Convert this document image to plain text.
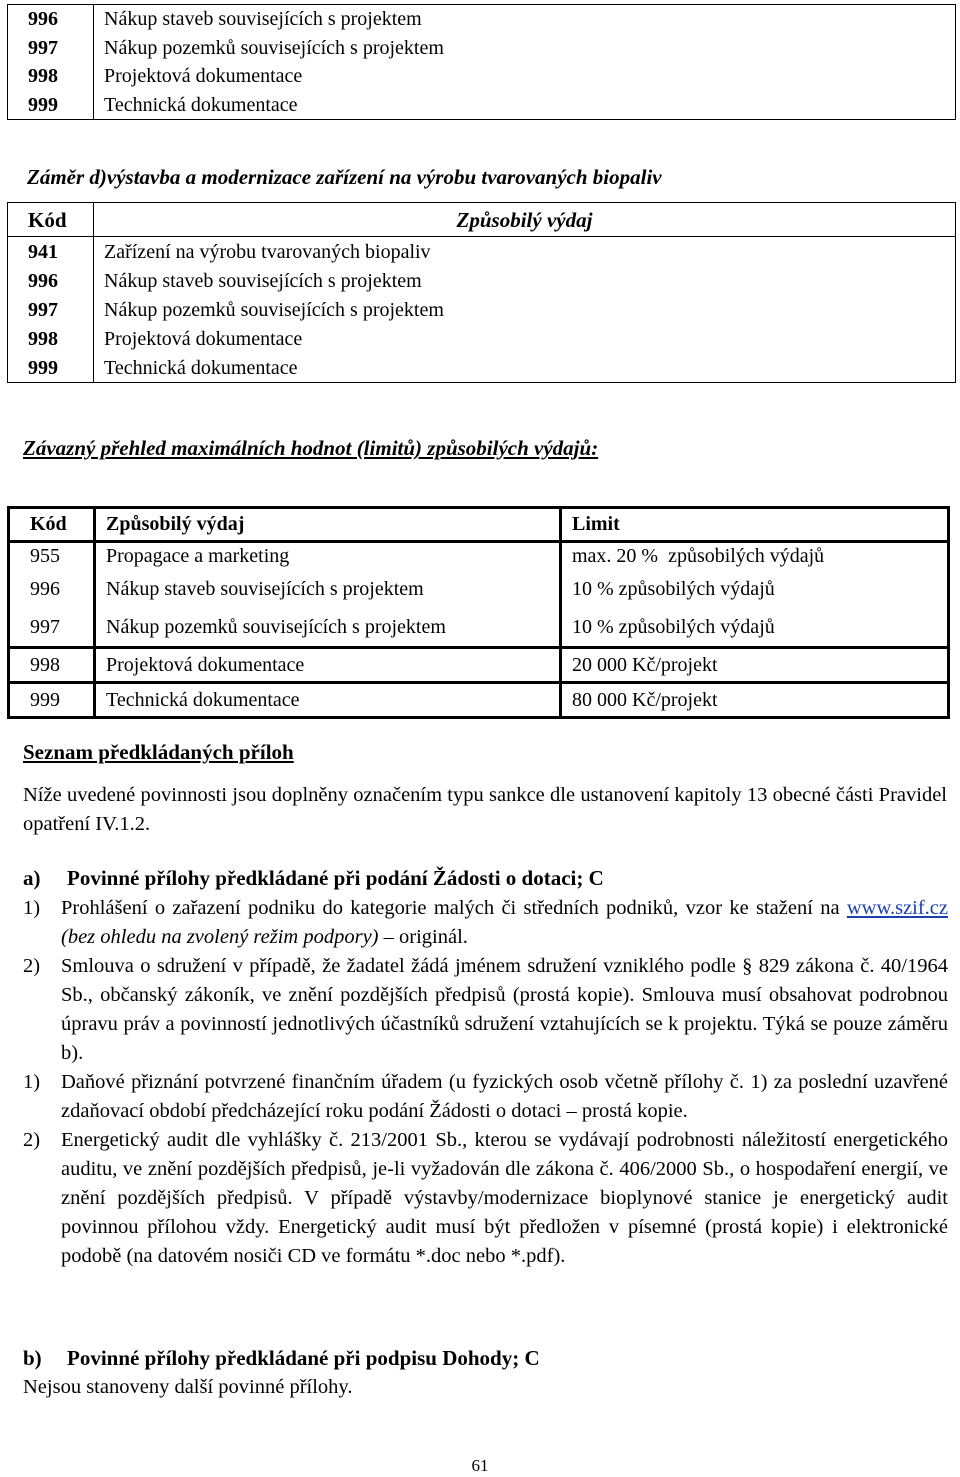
996	Nákup staveb souvisejících s projektem
997	Nákup pozemků souvisejících s projektem
998	Projektová dokumentace
999	Technická dokumentace
Záměr d)výstavba a modernizace zařízení na výrobu tvarovaných biopaliv
Kód	Způsobilý výdaj
941	Zařízení na výrobu tvarovaných biopaliv
996	Nákup staveb souvisejících s projektem
997	Nákup pozemků souvisejících s projektem
998	Projektová dokumentace
999	Technická dokumentace
Závazný přehled maximálních hodnot (limitů) způsobilých výdajů:
Kód	Způsobilý výdaj	Limit
955	Propagace a marketing	max. 20 %  způsobilých výdajů
996	Nákup staveb souvisejících s projektem	10 % způsobilých výdajů
997	Nákup pozemků souvisejících s projektem	10 % způsobilých výdajů
998	Projektová dokumentace	20 000 Kč/projekt
999	Technická dokumentace	80 000 Kč/projekt
Seznam předkládaných příloh
Níže uvedené povinnosti jsou doplněny označením typu sankce dle ustanovení kapitoly 13 obecné části Pravidel opatření IV.1.2.
a) Povinné přílohy předkládané při podání Žádosti o dotaci; C
1)	Prohlášení o zařazení podniku do kategorie malých či středních podniků, vzor ke stažení na www.szif.cz (bez ohledu na zvolený režim podpory) – originál.
2)	Smlouva o sdružení v případě, že žadatel žádá jménem sdružení vzniklého podle § 829 zákona č. 40/1964 Sb., občanský zákoník, ve znění pozdějších předpisů (prostá kopie). Smlouva musí obsahovat podrobnou úpravu práv a povinností jednotlivých účastníků sdružení vztahujících se k projektu. Týká se pouze záměru b).
1)	Daňové přiznání potvrzené finančním úřadem (u fyzických osob včetně přílohy č. 1) za poslední uzavřené zdaňovací období předcházející roku podání Žádosti o dotaci – prostá kopie.
2)	Energetický audit dle vyhlášky č. 213/2001 Sb., kterou se vydávají podrobnosti náležitostí energetického auditu, ve znění pozdějších předpisů, je-li vyžadován dle zákona č. 406/2000 Sb., o hospodaření energií, ve znění pozdějších předpisů. V případě výstavby/modernizace bioplynové stanice je energetický audit povinnou přílohou vždy. Energetický audit musí být předložen v písemné (prostá kopie) i elektronické podobě (na datovém nosiči CD ve formátu *.doc nebo *.pdf).
b) Povinné přílohy předkládané při podpisu Dohody; C
Nejsou stanoveny další povinné přílohy.
61
